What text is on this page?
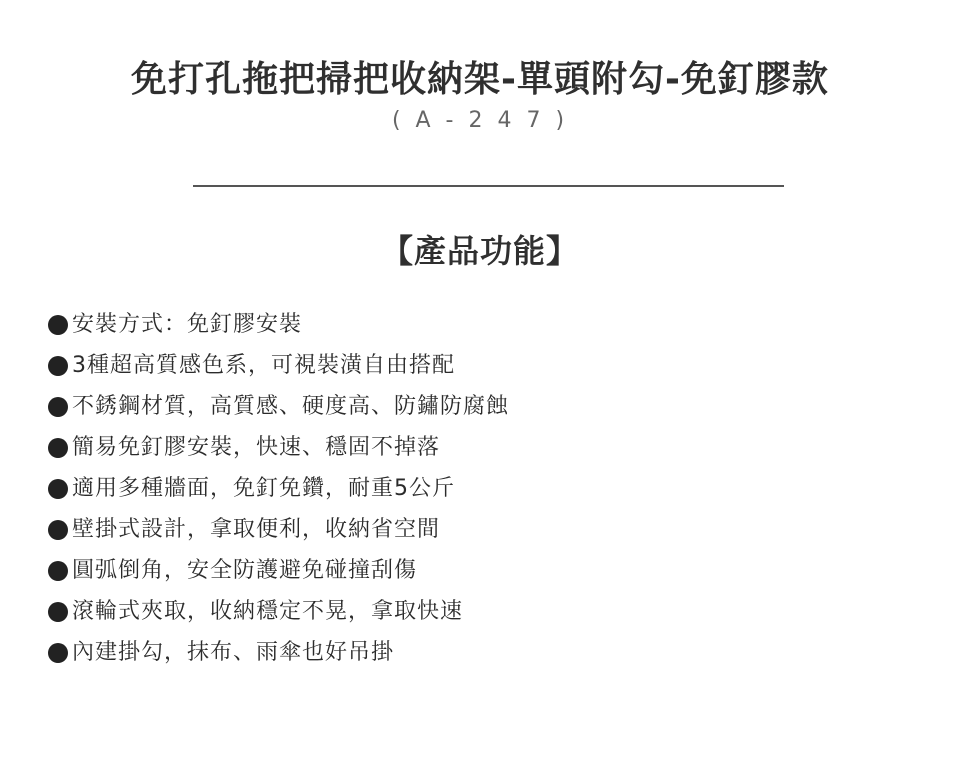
免打孔拖把掃把收納架-單頭附勾-免釘膠款
( A - 2 4 7 )
【產品功能】
安裝方式：免釘膠安裝
3種超高質感色系，可視裝潢自由搭配
不銹鋼材質，高質感、硬度高、防鏽防腐蝕
簡易免釘膠安裝，快速、穩固不掉落
適用多種牆面，免釘免鑽，耐重5公斤
壁掛式設計，拿取便利，收納省空間
圓弧倒角，安全防護避免碰撞刮傷
滾輪式夾取，收納穩定不晃，拿取快速
內建掛勾，抹布、雨傘也好吊掛
